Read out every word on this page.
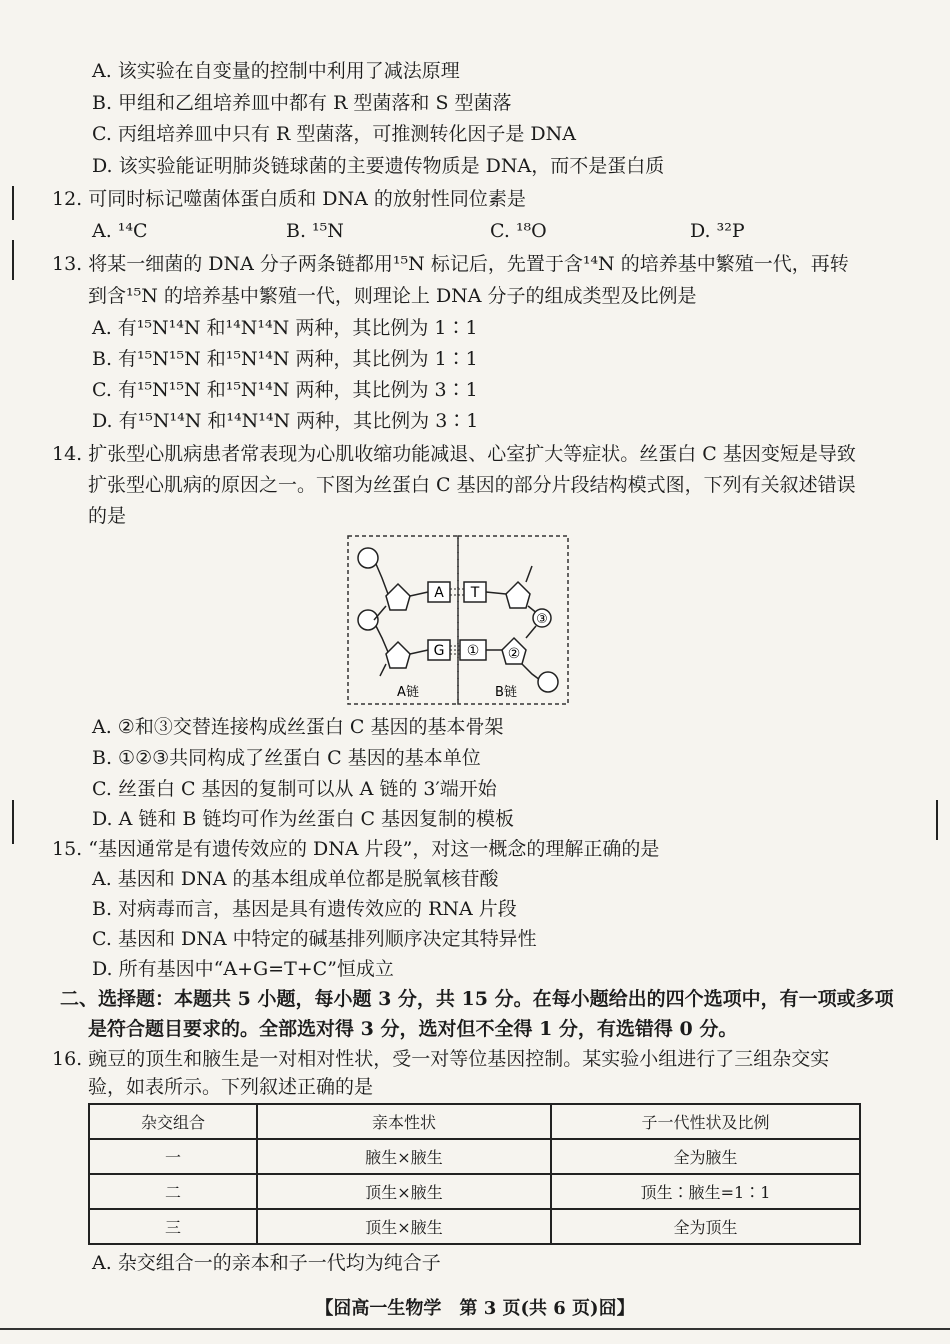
A. 该实验在自变量的控制中利用了减法原理
B. 甲组和乙组培养皿中都有 R 型菌落和 S 型菌落
C. 丙组培养皿中只有 R 型菌落，可推测转化因子是 DNA
D. 该实验能证明肺炎链球菌的主要遗传物质是 DNA，而不是蛋白质
12. 可同时标记噬菌体蛋白质和 DNA 的放射性同位素是
A. ¹⁴C	B. ¹⁵N	C. ¹⁸O	D. ³²P
13. 将某一细菌的 DNA 分子两条链都用¹⁵N 标记后，先置于含¹⁴N 的培养基中繁殖一代，再转
到含¹⁵N 的培养基中繁殖一代，则理论上 DNA 分子的组成类型及比例是
A. 有¹⁵N¹⁴N 和¹⁴N¹⁴N 两种，其比例为 1∶1
B. 有¹⁵N¹⁵N 和¹⁵N¹⁴N 两种，其比例为 1∶1
C. 有¹⁵N¹⁵N 和¹⁵N¹⁴N 两种，其比例为 3∶1
D. 有¹⁵N¹⁴N 和¹⁴N¹⁴N 两种，其比例为 3∶1
14. 扩张型心肌病患者常表现为心肌收缩功能减退、心室扩大等症状。丝蛋白 C 基因变短是导致
扩张型心肌病的原因之一。下图为丝蛋白 C 基因的部分片段结构模式图，下列有关叙述错误
的是
A T
G ① ②
③
A链	B链
A. ②和③交替连接构成丝蛋白 C 基因的基本骨架
B. ①②③共同构成了丝蛋白 C 基因的基本单位
C. 丝蛋白 C 基因的复制可以从 A 链的 3′端开始
D. A 链和 B 链均可作为丝蛋白 C 基因复制的模板
15. “基因通常是有遗传效应的 DNA 片段”，对这一概念的理解正确的是
A. 基因和 DNA 的基本组成单位都是脱氧核苷酸
B. 对病毒而言，基因是具有遗传效应的 RNA 片段
C. 基因和 DNA 中特定的碱基排列顺序决定其特异性
D. 所有基因中“A+G=T+C”恒成立
二、选择题：本题共 5 小题，每小题 3 分，共 15 分。在每小题给出的四个选项中，有一项或多项
是符合题目要求的。全部选对得 3 分，选对但不全得 1 分，有选错得 0 分。
16. 豌豆的顶生和腋生是一对相对性状，受一对等位基因控制。某实验小组进行了三组杂交实
验，如表所示。下列叙述正确的是
杂交组合	亲本性状	子一代性状及比例
一	腋生×腋生	全为腋生
二	顶生×腋生	顶生∶腋生=1∶1
三	顶生×腋生	全为顶生
A. 杂交组合一的亲本和子一代均为纯合子
【囧高一生物学　第 3 页(共 6 页)囧】
